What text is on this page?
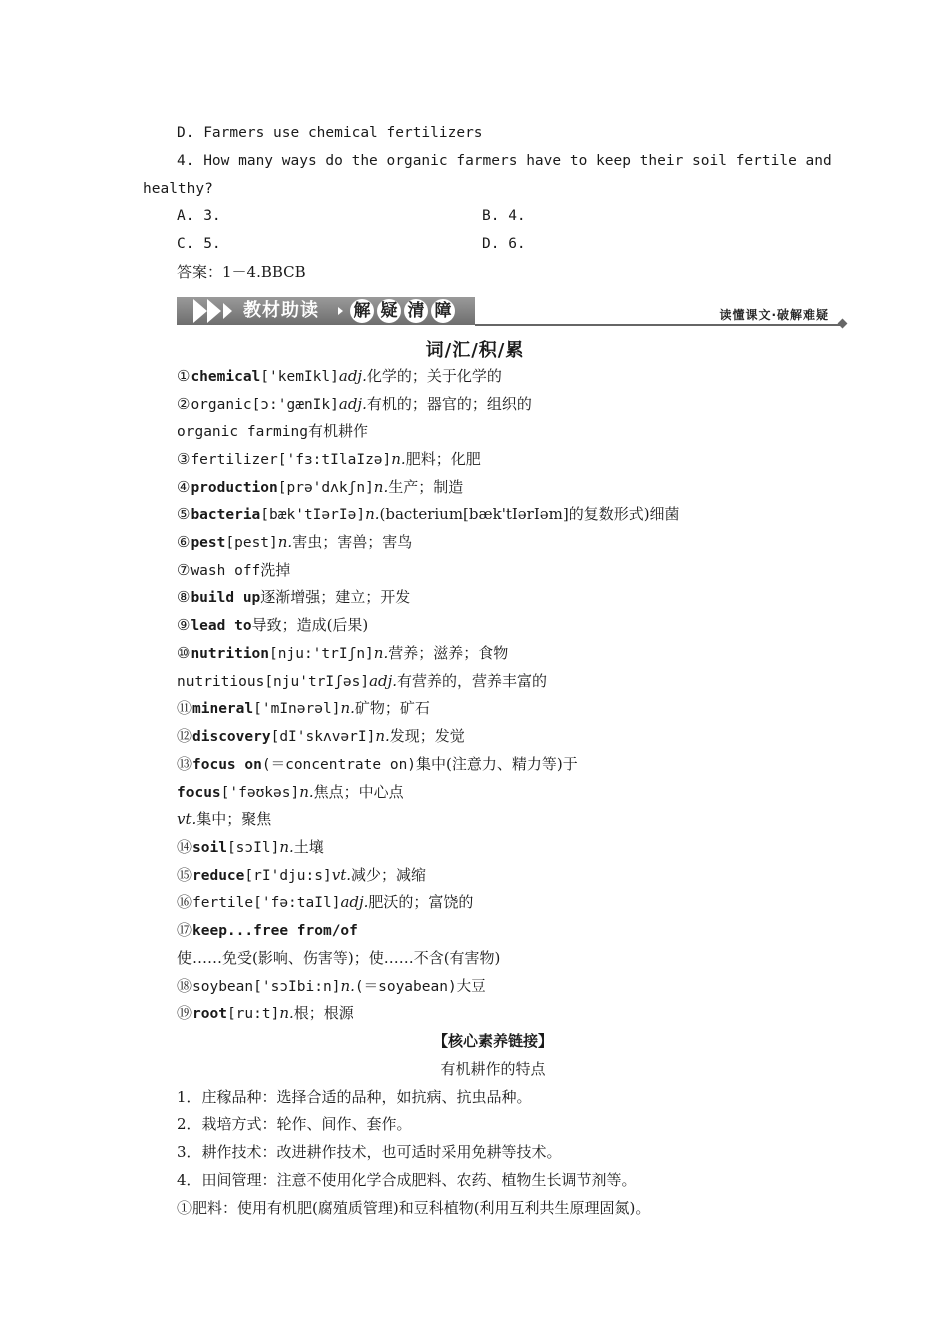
D. Farmers use chemical fertilizers
4. How many ways do the organic farmers have to keep their soil fertile and
healthy?
A. 3.	B. 4.
C. 5.	D. 6.
答案：1－4.BBCB
教材助读 解 疑 清 障	读懂课文·破解难疑
词/汇/积/累
①chemical['kemIkl]adj.化学的；关于化学的
②organic[ɔ:'gænIk]adj.有机的；器官的；组织的
organic farming有机耕作
③fertilizer['fɜ:tIlaIzə]n.肥料；化肥
④production[prə'dʌkʃn]n.生产；制造
⑤bacteria[bæk'tIərIə]n.(bacterium[bæk'tIərIəm]的复数形式)细菌
⑥pest[pest]n.害虫；害兽；害鸟
⑦wash off洗掉
⑧build up逐渐增强；建立；开发
⑨lead to导致；造成(后果)
⑩nutrition[nju:'trIʃn]n.营养；滋养；食物
nutritious[nju'trIʃəs]adj.有营养的，营养丰富的
⑪mineral['mInərəl]n.矿物；矿石
⑫discovery[dI'skʌvərI]n.发现；发觉
⑬focus on(＝concentrate on)集中(注意力、精力等)于
focus['fəʊkəs]n.焦点；中心点
vt.集中；聚焦
⑭soil[sɔIl]n.土壤
⑮reduce[rI'dju:s]vt.减少；减缩
⑯fertile['fə:taIl]adj.肥沃的；富饶的
⑰keep...free from/of
使……免受(影响、伤害等)；使……不含(有害物)
⑱soybean['sɔIbi:n]n.(＝soyabean)大豆
⑲root[ru:t]n.根；根源
【核心素养链接】
有机耕作的特点
1．庄稼品种：选择合适的品种，如抗病、抗虫品种。
2．栽培方式：轮作、间作、套作。
3．耕作技术：改进耕作技术，也可适时采用免耕等技术。
4．田间管理：注意不使用化学合成肥料、农药、植物生长调节剂等。
①肥料：使用有机肥(腐殖质管理)和豆科植物(利用互利共生原理固氮)。
